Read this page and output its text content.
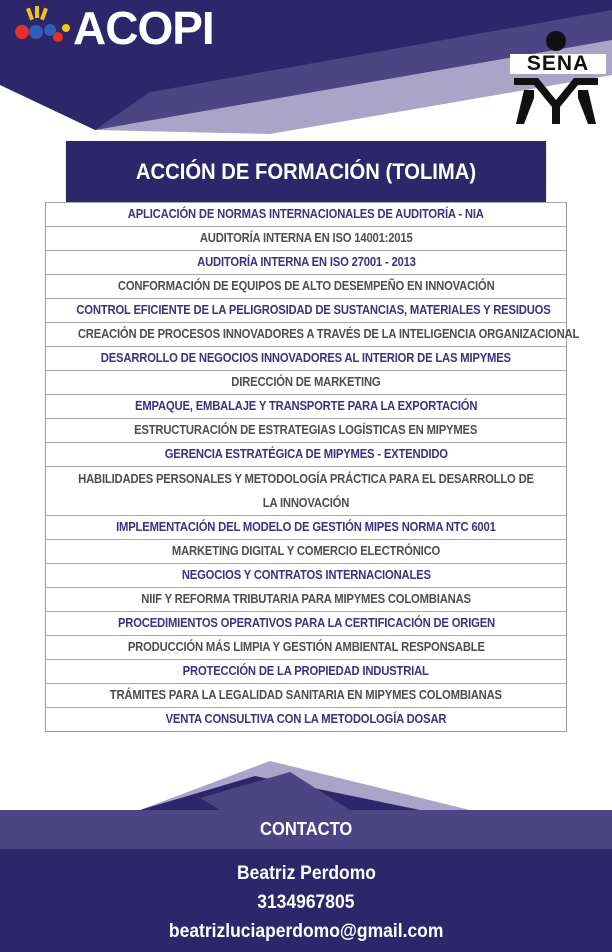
ACOPI
SENA
ACCIÓN DE FORMACIÓN (TOLIMA)
APLICACIÓN DE NORMAS INTERNACIONALES DE AUDITORÍA - NIA
AUDITORÍA INTERNA EN ISO 14001:2015
AUDITORÍA INTERNA EN ISO 27001 - 2013
CONFORMACIÓN DE EQUIPOS DE ALTO DESEMPEÑO EN INNOVACIÓN
CONTROL EFICIENTE DE LA PELIGROSIDAD DE SUSTANCIAS, MATERIALES Y RESIDUOS
CREACIÓN DE PROCESOS INNOVADORES A TRAVÉS DE LA INTELIGENCIA ORGANIZACIONAL
DESARROLLO DE NEGOCIOS INNOVADORES AL INTERIOR DE LAS MIPYMES
DIRECCIÓN DE MARKETING
EMPAQUE, EMBALAJE Y TRANSPORTE PARA LA EXPORTACIÓN
ESTRUCTURACIÓN DE ESTRATEGIAS LOGÍSTICAS EN MIPYMES
GERENCIA ESTRATÉGICA DE MIPYMES - EXTENDIDO
HABILIDADES PERSONALES Y METODOLOGÍA PRÁCTICA PARA EL DESARROLLO DE LA INNOVACIÓN
IMPLEMENTACIÓN DEL MODELO DE GESTIÓN MIPES NORMA NTC 6001
MARKETING DIGITAL Y COMERCIO ELECTRÓNICO
NEGOCIOS Y CONTRATOS INTERNACIONALES
NIIF Y REFORMA TRIBUTARIA PARA MIPYMES COLOMBIANAS
PROCEDIMIENTOS OPERATIVOS PARA LA CERTIFICACIÓN DE ORIGEN
PRODUCCIÓN MÁS LIMPIA Y GESTIÓN AMBIENTAL RESPONSABLE
PROTECCIÓN DE LA PROPIEDAD INDUSTRIAL
TRÁMITES PARA LA LEGALIDAD SANITARIA EN MIPYMES COLOMBIANAS
VENTA CONSULTIVA CON LA METODOLOGÍA DOSAR
CONTACTO
Beatriz Perdomo
3134967805
beatrizluciaperdomo@gmail.com
